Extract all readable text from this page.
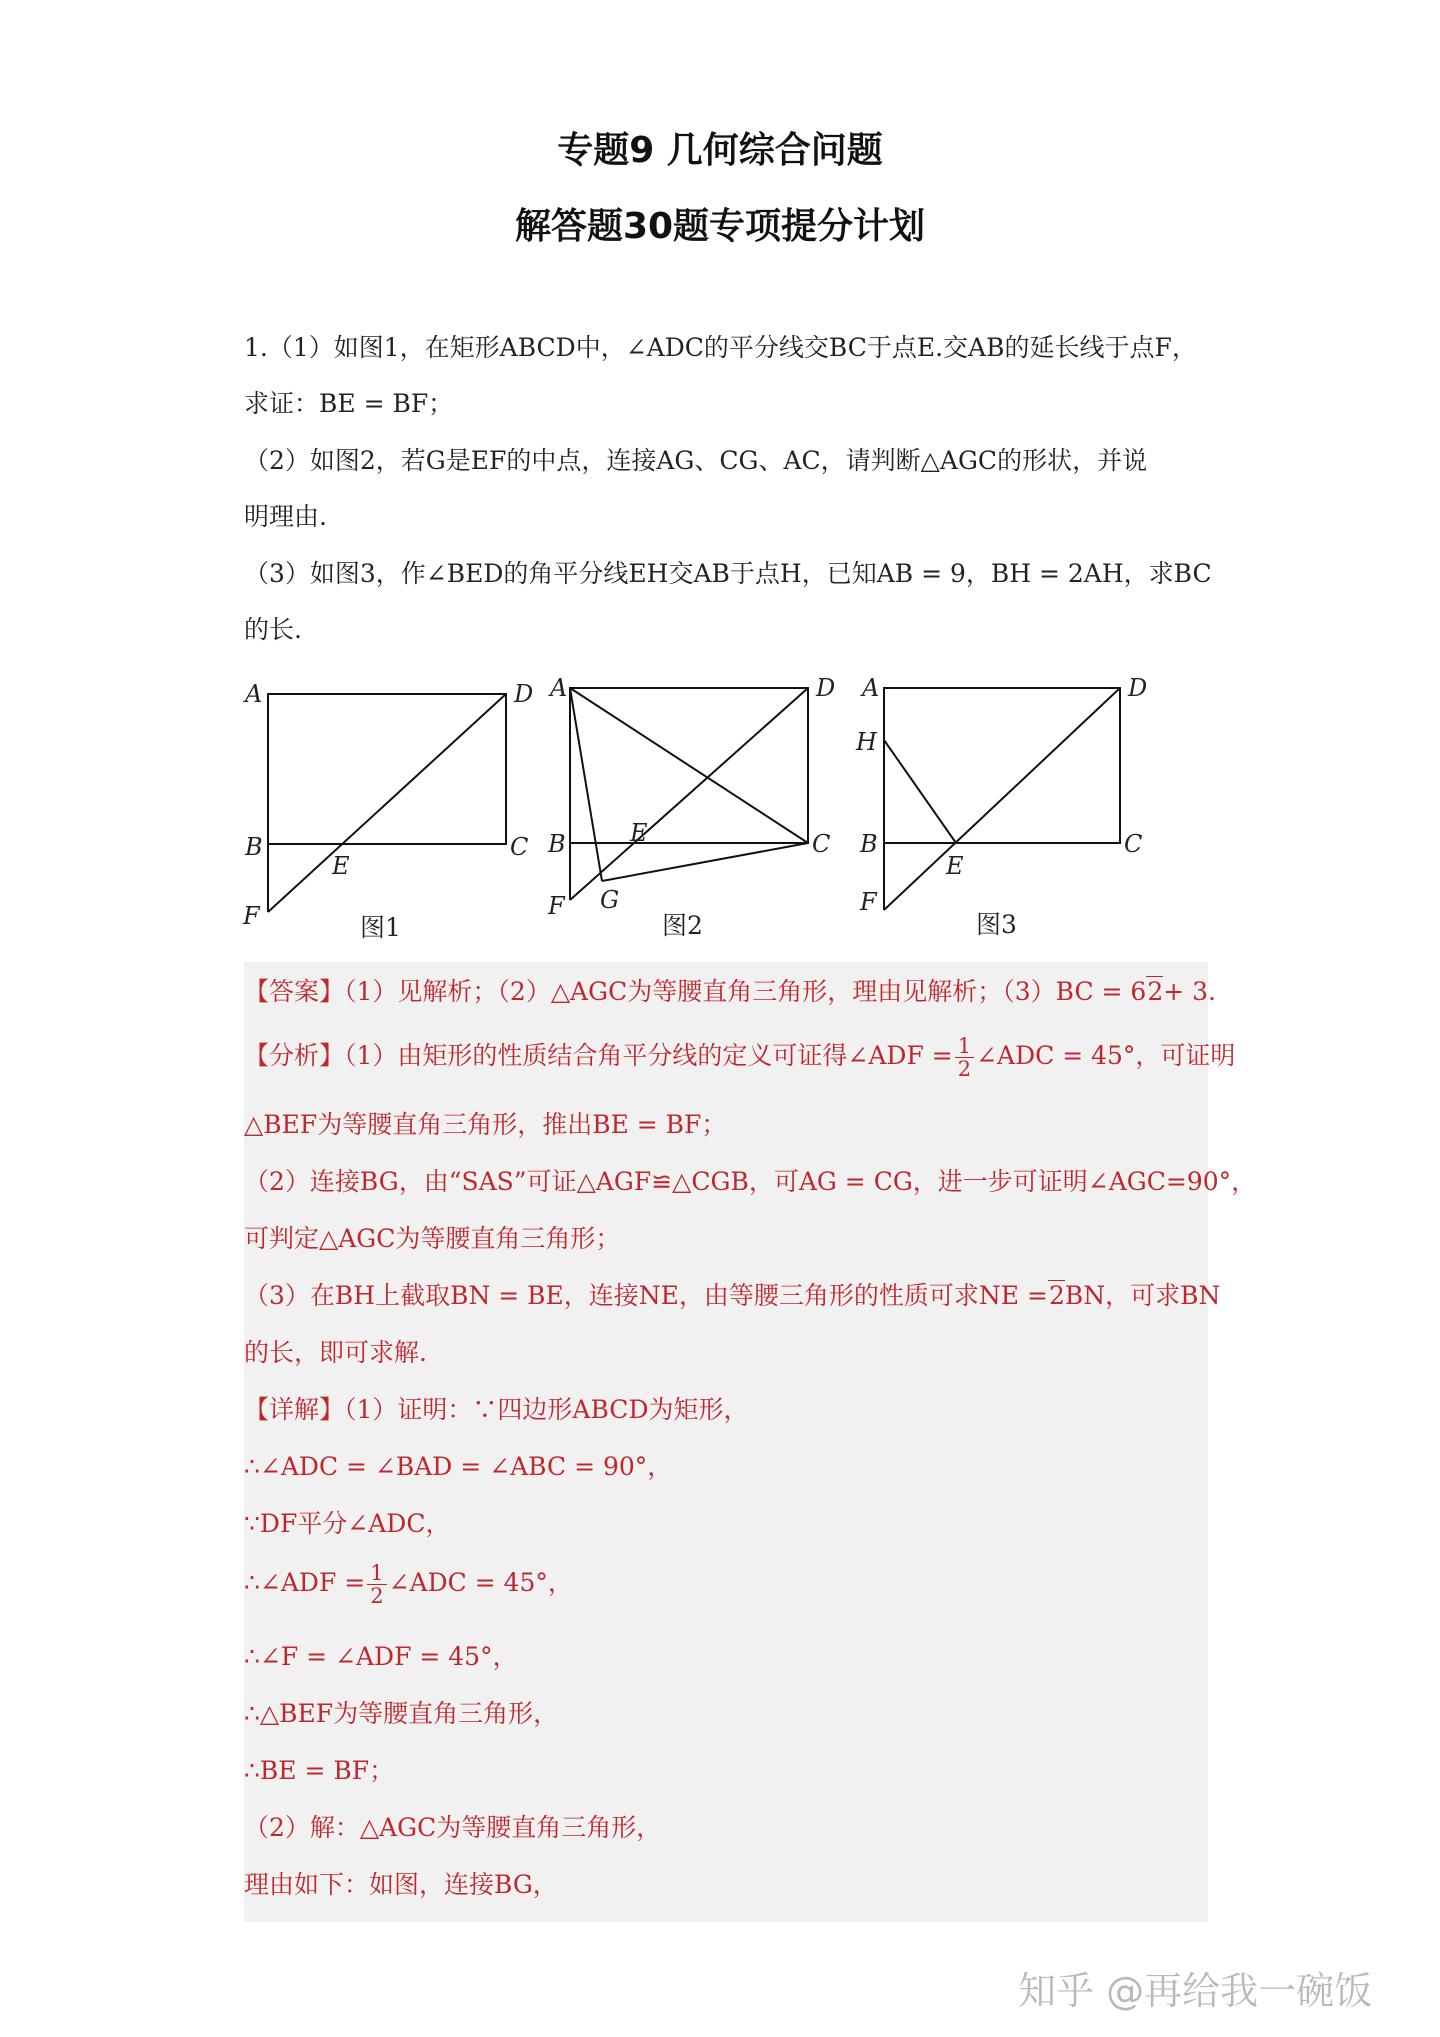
专题9 几何综合问题
解答题30题专项提分计划
1.（1）如图1，在矩形ABCD中，∠ADC的平分线交BC于点E.交AB的延长线于点F，
求证：BE = BF；
（2）如图2，若G是EF的中点，连接AG、CG、AC，请判断△AGC的形状，并说
明理由.
（3）如图3，作∠BED的角平分线EH交AB于点H，已知AB = 9，BH = 2AH，求BC
的长.
A	D
B	C
E
F	图1
A	D
B	C
E
F G
图2
A	D
H
B	C
E
F
图3
【答案】（1）见解析；（2）△AGC为等腰直角三角形，理由见解析；（3）BC = 62+ 3.
【分析】（1）由矩形的性质结合角平分线的定义可证得∠ADF = $\frac{1}{2}$ ∠ADC = 45°，可证明
△BEF为等腰直角三角形，推出BE = BF；
（2）连接BG，由“SAS”可证△AGF≌△CGB，可AG = CG，进一步可证明∠AGC=90°，
可判定△AGC为等腰直角三角形；
（3）在BH上截取BN = BE，连接NE，由等腰三角形的性质可求NE =2BN，可求BN
的长，即可求解.
【详解】（1）证明：∵四边形ABCD为矩形，
∴∠ADC = ∠BAD = ∠ABC = 90°，
∵DF平分∠ADC，
∴∠ADF = $\frac{1}{2}$ ∠ADC = 45°，
∴∠F = ∠ADF = 45°，
∴△BEF为等腰直角三角形，
∴BE = BF；
（2）解：△AGC为等腰直角三角形，
理由如下：如图，连接BG，
知乎 @再给我一碗饭
